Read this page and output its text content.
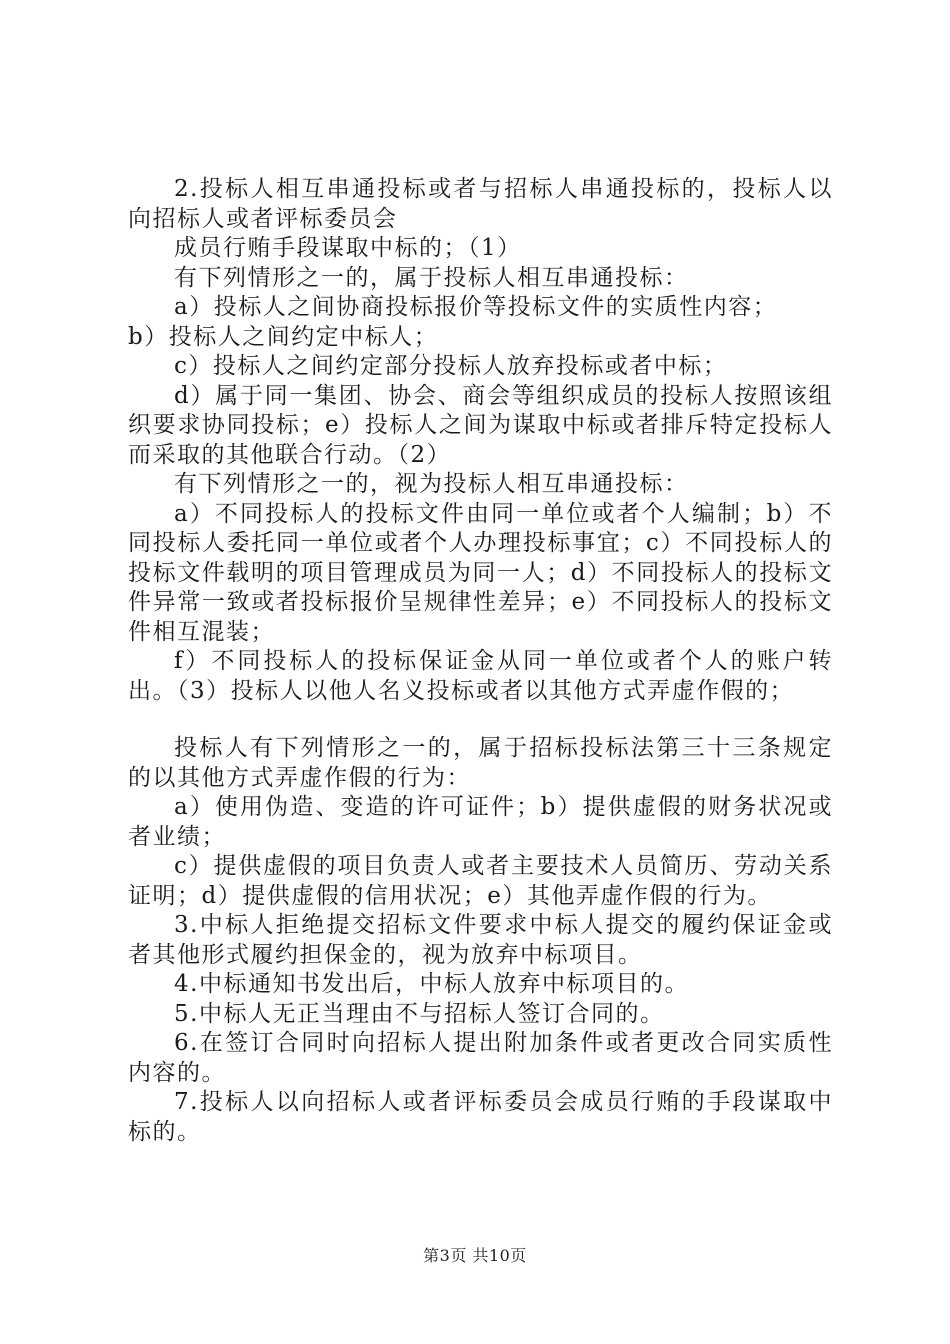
2.投标人相互串通投标或者与招标人串通投标的，投标人以向招标人或者评标委员会

成员行贿手段谋取中标的；（1）

有下列情形之一的，属于投标人相互串通投标：

a）投标人之间协商投标报价等投标文件的实质性内容；

b）投标人之间约定中标人；

c）投标人之间约定部分投标人放弃投标或者中标；

d）属于同一集团、协会、商会等组织成员的投标人按照该组织要求协同投标；e）投标人之间为谋取中标或者排斥特定投标人而采取的其他联合行动。（2）

有下列情形之一的，视为投标人相互串通投标：

a）不同投标人的投标文件由同一单位或者个人编制；b）不同投标人委托同一单位或者个人办理投标事宜；c）不同投标人的投标文件载明的项目管理成员为同一人；d）不同投标人的投标文件异常一致或者投标报价呈规律性差异；e）不同投标人的投标文件相互混装；

f）不同投标人的投标保证金从同一单位或者个人的账户转出。（3）投标人以他人名义投标或者以其他方式弄虚作假的；

投标人有下列情形之一的，属于招标投标法第三十三条规定的以其他方式弄虚作假的行为：

a）使用伪造、变造的许可证件；b）提供虚假的财务状况或者业绩；

c）提供虚假的项目负责人或者主要技术人员简历、劳动关系证明；d）提供虚假的信用状况；e）其他弄虚作假的行为。

3.中标人拒绝提交招标文件要求中标人提交的履约保证金或者其他形式履约担保金的，视为放弃中标项目。

4.中标通知书发出后，中标人放弃中标项目的。

5.中标人无正当理由不与招标人签订合同的。

6.在签订合同时向招标人提出附加条件或者更改合同实质性内容的。

7.投标人以向招标人或者评标委员会成员行贿的手段谋取中标的。

第3页 共10页
